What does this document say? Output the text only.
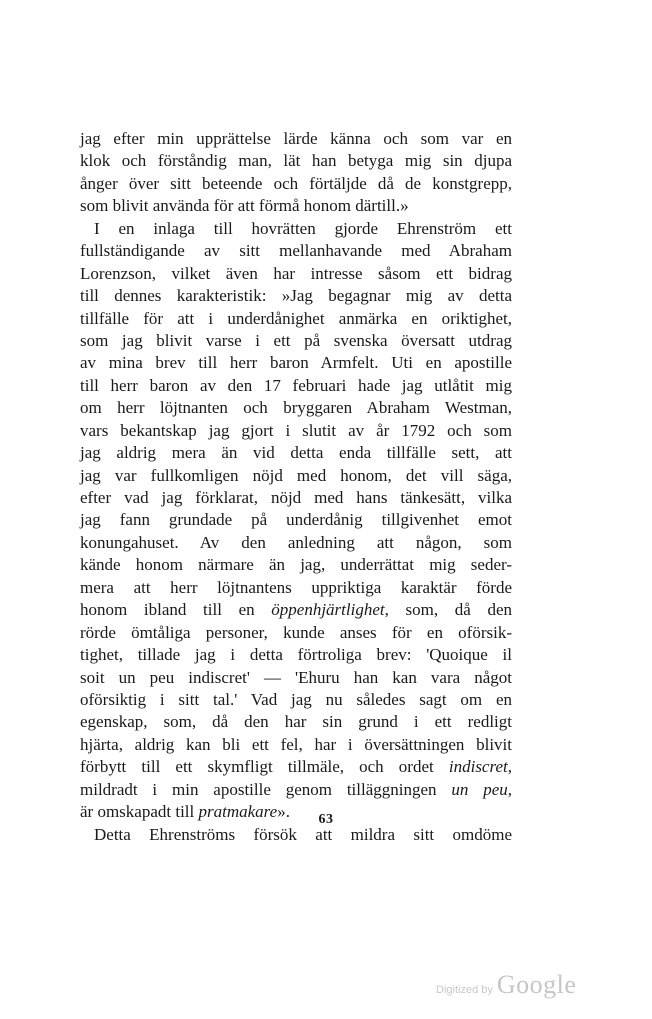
jag efter min upprättelse lärde känna och som var en
klok och förståndig man, lät han betyga mig sin djupa
ånger över sitt beteende och förtäljde då de konstgrepp,
som blivit använda för att förmå honom därtill.»
I en inlaga till hovrätten gjorde Ehrenström ett
fullständigande av sitt mellanhavande med Abraham
Lorenzson, vilket även har intresse såsom ett bidrag
till dennes karakteristik: »Jag begagnar mig av detta
tillfälle för att i underdånighet anmärka en oriktighet,
som jag blivit varse i ett på svenska översatt utdrag
av mina brev till herr baron Armfelt. Uti en apostille
till herr baron av den 17 februari hade jag utlåtit mig
om herr löjtnanten och bryggaren Abraham Westman,
vars bekantskap jag gjort i slutit av år 1792 och som
jag aldrig mera än vid detta enda tillfälle sett, att
jag var fullkomligen nöjd med honom, det vill säga,
efter vad jag förklarat, nöjd med hans tänkesätt, vilka
jag fann grundade på underdånig tillgivenhet emot
konungahuset. Av den anledning att någon, som
kände honom närmare än jag, underrättat mig seder-
mera att herr löjtnantens uppriktiga karaktär förde
honom ibland till en öppenhjärtlighet, som, då den
rörde ömtåliga personer, kunde anses för en oförsik-
tighet, tillade jag i detta förtroliga brev: 'Quoique il
soit un peu indiscret' — 'Ehuru han kan vara något
oförsiktig i sitt tal.' Vad jag nu således sagt om en
egenskap, som, då den har sin grund i ett redligt
hjärta, aldrig kan bli ett fel, har i översättningen blivit
förbytt till ett skymfligt tillmäle, och ordet indiscret,
mildradt i min apostille genom tilläggningen un peu,
är omskapadt till pratmakare».
Detta Ehrenströms försök att mildra sitt omdöme
63
Digitized by Google
